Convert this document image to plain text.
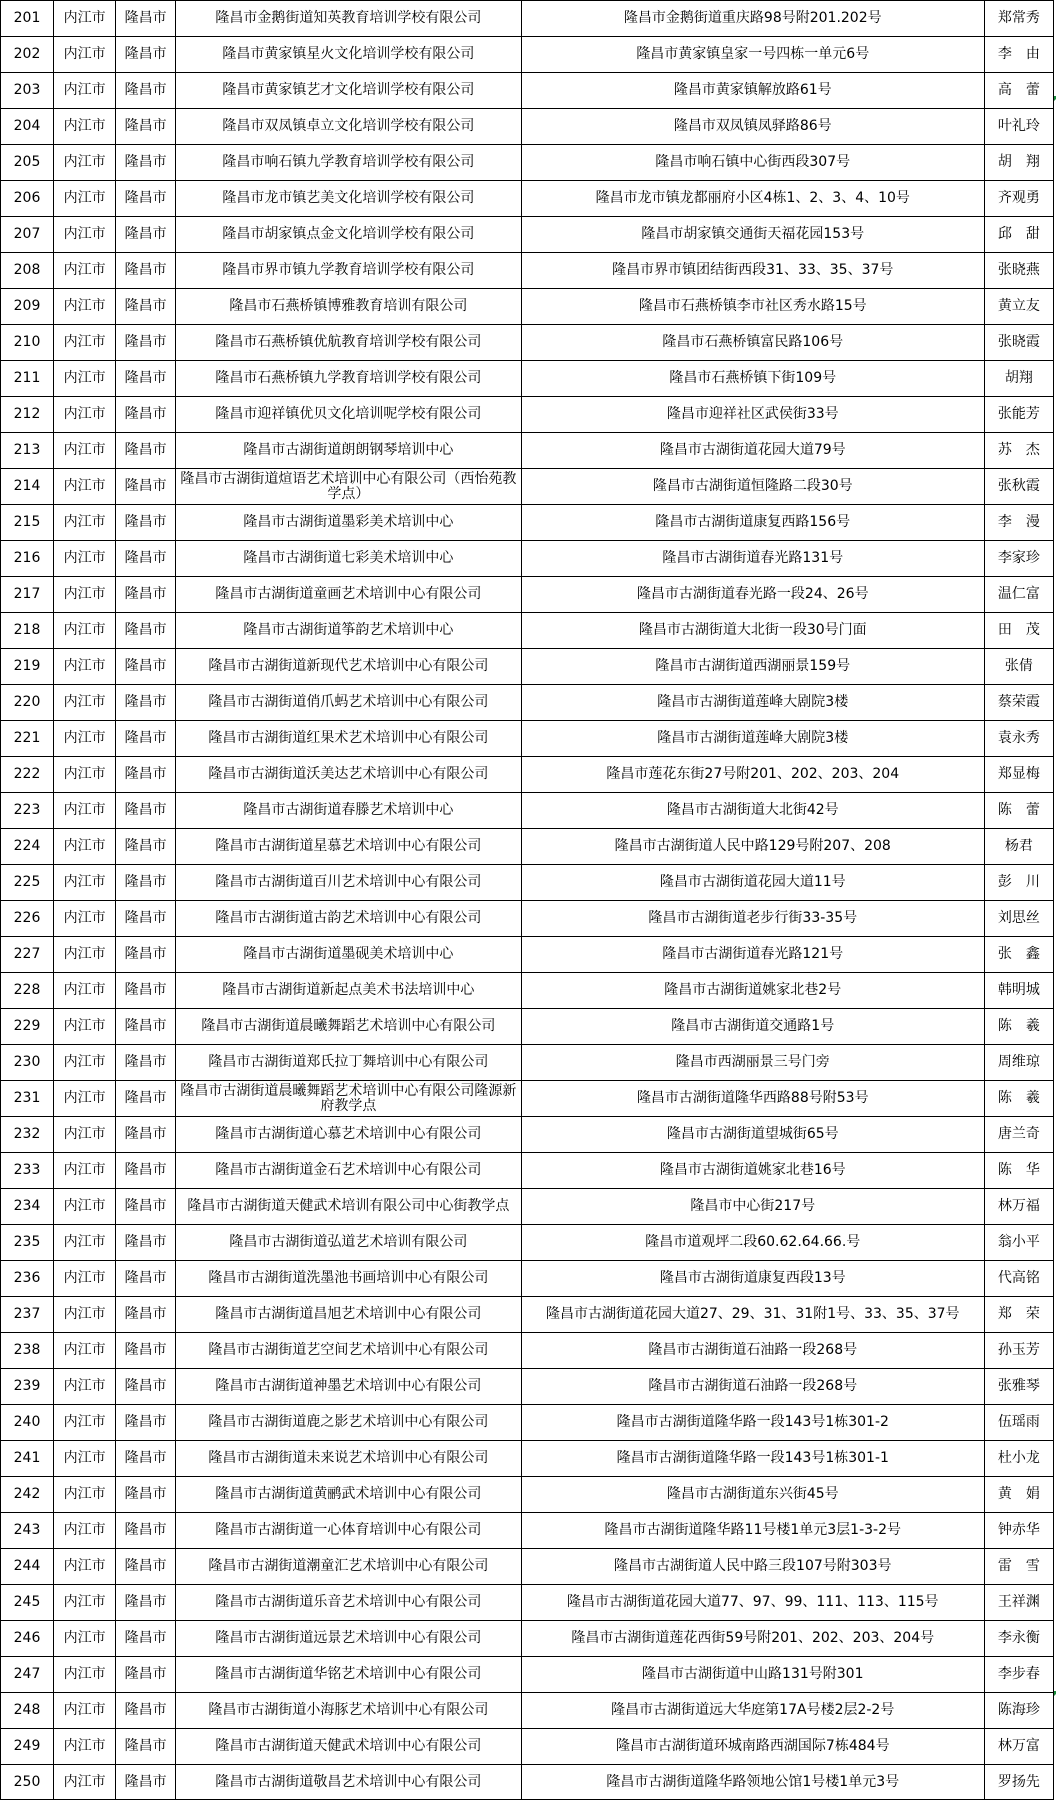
201	内江市	隆昌市	隆昌市金鹅街道知英教育培训学校有限公司	隆昌市金鹅街道重庆路98号附201.202号	郑常秀
202	内江市	隆昌市	隆昌市黄家镇星火文化培训学校有限公司	隆昌市黄家镇皇家一号四栋一单元6号	李　由
203	内江市	隆昌市	隆昌市黄家镇艺才文化培训学校有限公司	隆昌市黄家镇解放路61号	高　蕾
204	内江市	隆昌市	隆昌市双凤镇卓立文化培训学校有限公司	隆昌市双凤镇凤驿路86号	叶礼玲
205	内江市	隆昌市	隆昌市响石镇九学教育培训学校有限公司	隆昌市响石镇中心街西段307号	胡　翔
206	内江市	隆昌市	隆昌市龙市镇艺美文化培训学校有限公司	隆昌市龙市镇龙都丽府小区4栋1、2、3、4、10号	齐观勇
207	内江市	隆昌市	隆昌市胡家镇点金文化培训学校有限公司	隆昌市胡家镇交通街天福花园153号	邱　甜
208	内江市	隆昌市	隆昌市界市镇九学教育培训学校有限公司	隆昌市界市镇团结街西段31、33、35、37号	张晓燕
209	内江市	隆昌市	隆昌市石燕桥镇博雅教育培训有限公司	隆昌市石燕桥镇李市社区秀水路15号	黄立友
210	内江市	隆昌市	隆昌市石燕桥镇优航教育培训学校有限公司	隆昌市石燕桥镇富民路106号	张晓霞
211	内江市	隆昌市	隆昌市石燕桥镇九学教育培训学校有限公司	隆昌市石燕桥镇下街109号	胡翔
212	内江市	隆昌市	隆昌市迎祥镇优贝文化培训呢学校有限公司	隆昌市迎祥社区武侯街33号	张能芳
213	内江市	隆昌市	隆昌市古湖街道朗朗钢琴培训中心	隆昌市古湖街道花园大道79号	苏　杰
214	内江市	隆昌市	隆昌市古湖街道煊语艺术培训中心有限公司（西怡苑教学点）	隆昌市古湖街道恒隆路二段30号	张秋霞
215	内江市	隆昌市	隆昌市古湖街道墨彩美术培训中心	隆昌市古湖街道康复西路156号	李　漫
216	内江市	隆昌市	隆昌市古湖街道七彩美术培训中心	隆昌市古湖街道春光路131号	李家珍
217	内江市	隆昌市	隆昌市古湖街道童画艺术培训中心有限公司	隆昌市古湖街道春光路一段24、26号	温仁富
218	内江市	隆昌市	隆昌市古湖街道筝韵艺术培训中心	隆昌市古湖街道大北街一段30号门面	田　茂
219	内江市	隆昌市	隆昌市古湖街道新现代艺术培训中心有限公司	隆昌市古湖街道西湖丽景159号	张倩
220	内江市	隆昌市	隆昌市古湖街道俏爪蚂艺术培训中心有限公司	隆昌市古湖街道莲峰大剧院3楼	蔡荣霞
221	内江市	隆昌市	隆昌市古湖街道红果术艺术培训中心有限公司	隆昌市古湖街道莲峰大剧院3楼	袁永秀
222	内江市	隆昌市	隆昌市古湖街道沃美达艺术培训中心有限公司	隆昌市莲花东街27号附201、202、203、204	郑显梅
223	内江市	隆昌市	隆昌市古湖街道春滕艺术培训中心	隆昌市古湖街道大北街42号	陈　蕾
224	内江市	隆昌市	隆昌市古湖街道星慕艺术培训中心有限公司	隆昌市古湖街道人民中路129号附207、208	杨君
225	内江市	隆昌市	隆昌市古湖街道百川艺术培训中心有限公司	隆昌市古湖街道花园大道11号	彭　川
226	内江市	隆昌市	隆昌市古湖街道古韵艺术培训中心有限公司	隆昌市古湖街道老步行街33-35号	刘思丝
227	内江市	隆昌市	隆昌市古湖街道墨砚美术培训中心	隆昌市古湖街道春光路121号	张　鑫
228	内江市	隆昌市	隆昌市古湖街道新起点美术书法培训中心	隆昌市古湖街道姚家北巷2号	韩明城
229	内江市	隆昌市	隆昌市古湖街道晨曦舞蹈艺术培训中心有限公司	隆昌市古湖街道交通路1号	陈　羲
230	内江市	隆昌市	隆昌市古湖街道郑氏拉丁舞培训中心有限公司	隆昌市西湖丽景三号门旁	周维琼
231	内江市	隆昌市	隆昌市古湖街道晨曦舞蹈艺术培训中心有限公司隆源新府教学点	隆昌市古湖街道隆华西路88号附53号	陈　羲
232	内江市	隆昌市	隆昌市古湖街道心慕艺术培训中心有限公司	隆昌市古湖街道望城街65号	唐兰奇
233	内江市	隆昌市	隆昌市古湖街道金石艺术培训中心有限公司	隆昌市古湖街道姚家北巷16号	陈　华
234	内江市	隆昌市	隆昌市古湖街道天健武术培训有限公司中心街教学点	隆昌市中心街217号	林万福
235	内江市	隆昌市	隆昌市古湖街道弘道艺术培训有限公司	隆昌市道观坪二段60.62.64.66.号	翁小平
236	内江市	隆昌市	隆昌市古湖街道洗墨池书画培训中心有限公司	隆昌市古湖街道康复西段13号	代高铭
237	内江市	隆昌市	隆昌市古湖街道昌旭艺术培训中心有限公司	隆昌市古湖街道花园大道27、29、31、31附1号、33、35、37号	郑　荣
238	内江市	隆昌市	隆昌市古湖街道艺空间艺术培训中心有限公司	隆昌市古湖街道石油路一段268号	孙玉芳
239	内江市	隆昌市	隆昌市古湖街道神墨艺术培训中心有限公司	隆昌市古湖街道石油路一段268号	张雅琴
240	内江市	隆昌市	隆昌市古湖街道鹿之影艺术培训中心有限公司	隆昌市古湖街道隆华路一段143号1栋301-2	伍瑶雨
241	内江市	隆昌市	隆昌市古湖街道未来说艺术培训中心有限公司	隆昌市古湖街道隆华路一段143号1栋301-1	杜小龙
242	内江市	隆昌市	隆昌市古湖街道黄鹂武术培训中心有限公司	隆昌市古湖街道东兴街45号	黄　娟
243	内江市	隆昌市	隆昌市古湖街道一心体育培训中心有限公司	隆昌市古湖街道隆华路11号楼1单元3层1-3-2号	钟赤华
244	内江市	隆昌市	隆昌市古湖街道潮童汇艺术培训中心有限公司	隆昌市古湖街道人民中路三段107号附303号	雷　雪
245	内江市	隆昌市	隆昌市古湖街道乐音艺术培训中心有限公司	隆昌市古湖街道花园大道77、97、99、111、113、115号	王祥渊
246	内江市	隆昌市	隆昌市古湖街道远景艺术培训中心有限公司	隆昌市古湖街道莲花西街59号附201、202、203、204号	李永衡
247	内江市	隆昌市	隆昌市古湖街道华铭艺术培训中心有限公司	隆昌市古湖街道中山路131号附301	李步春
248	内江市	隆昌市	隆昌市古湖街道小海豚艺术培训中心有限公司	隆昌市古湖街道远大华庭第17A号楼2层2-2号	陈海珍
249	内江市	隆昌市	隆昌市古湖街道天健武术培训中心有限公司	隆昌市古湖街道环城南路西湖国际7栋484号	林万富
250	内江市	隆昌市	隆昌市古湖街道敬昌艺术培训中心有限公司	隆昌市古湖街道隆华路领地公馆1号楼1单元3号	罗扬先
